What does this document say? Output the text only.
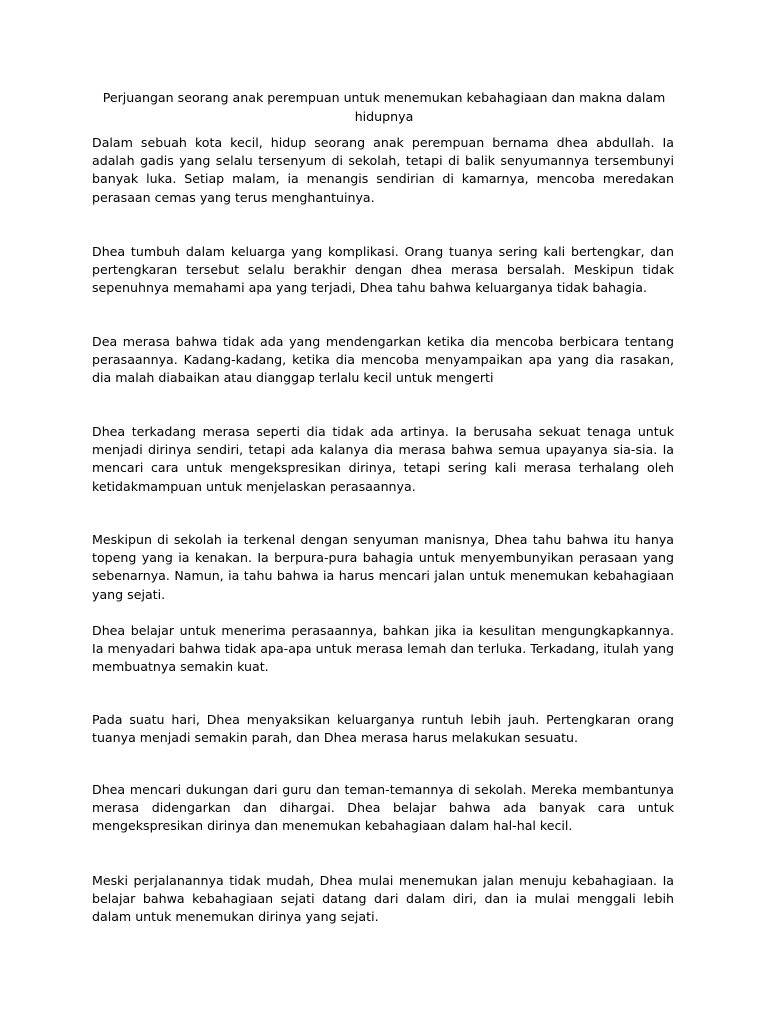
Perjuangan seorang anak perempuan untuk menemukan kebahagiaan dan makna dalam hidupnya

Dalam sebuah kota kecil, hidup seorang anak perempuan bernama dhea abdullah. Ia adalah gadis yang selalu tersenyum di sekolah, tetapi di balik senyumannya tersembunyi banyak luka. Setiap malam, ia menangis sendirian di kamarnya, mencoba meredakan perasaan cemas yang terus menghantuinya.

Dhea tumbuh dalam keluarga yang komplikasi. Orang tuanya sering kali bertengkar, dan pertengkaran tersebut selalu berakhir dengan dhea merasa bersalah. Meskipun tidak sepenuhnya memahami apa yang terjadi, Dhea tahu bahwa keluarganya tidak bahagia.

Dea merasa bahwa tidak ada yang mendengarkan ketika dia mencoba berbicara tentang perasaannya. Kadang-kadang, ketika dia mencoba menyampaikan apa yang dia rasakan, dia malah diabaikan atau dianggap terlalu kecil untuk mengerti

Dhea terkadang merasa seperti dia tidak ada artinya. Ia berusaha sekuat tenaga untuk menjadi dirinya sendiri, tetapi ada kalanya dia merasa bahwa semua upayanya sia-sia. Ia mencari cara untuk mengekspresikan dirinya, tetapi sering kali merasa terhalang oleh ketidakmampuan untuk menjelaskan perasaannya.

Meskipun di sekolah ia terkenal dengan senyuman manisnya, Dhea tahu bahwa itu hanya topeng yang ia kenakan. Ia berpura-pura bahagia untuk menyembunyikan perasaan yang sebenarnya. Namun, ia tahu bahwa ia harus mencari jalan untuk menemukan kebahagiaan yang sejati.

Dhea belajar untuk menerima perasaannya, bahkan jika ia kesulitan mengungkapkannya. Ia menyadari bahwa tidak apa-apa untuk merasa lemah dan terluka. Terkadang, itulah yang membuatnya semakin kuat.

Pada suatu hari, Dhea menyaksikan keluarganya runtuh lebih jauh. Pertengkaran orang tuanya menjadi semakin parah, dan Dhea merasa harus melakukan sesuatu.

Dhea mencari dukungan dari guru dan teman-temannya di sekolah. Mereka membantunya merasa didengarkan dan dihargai. Dhea belajar bahwa ada banyak cara untuk mengekspresikan dirinya dan menemukan kebahagiaan dalam hal-hal kecil.

Meski perjalanannya tidak mudah, Dhea mulai menemukan jalan menuju kebahagiaan. Ia belajar bahwa kebahagiaan sejati datang dari dalam diri, dan ia mulai menggali lebih dalam untuk menemukan dirinya yang sejati.
